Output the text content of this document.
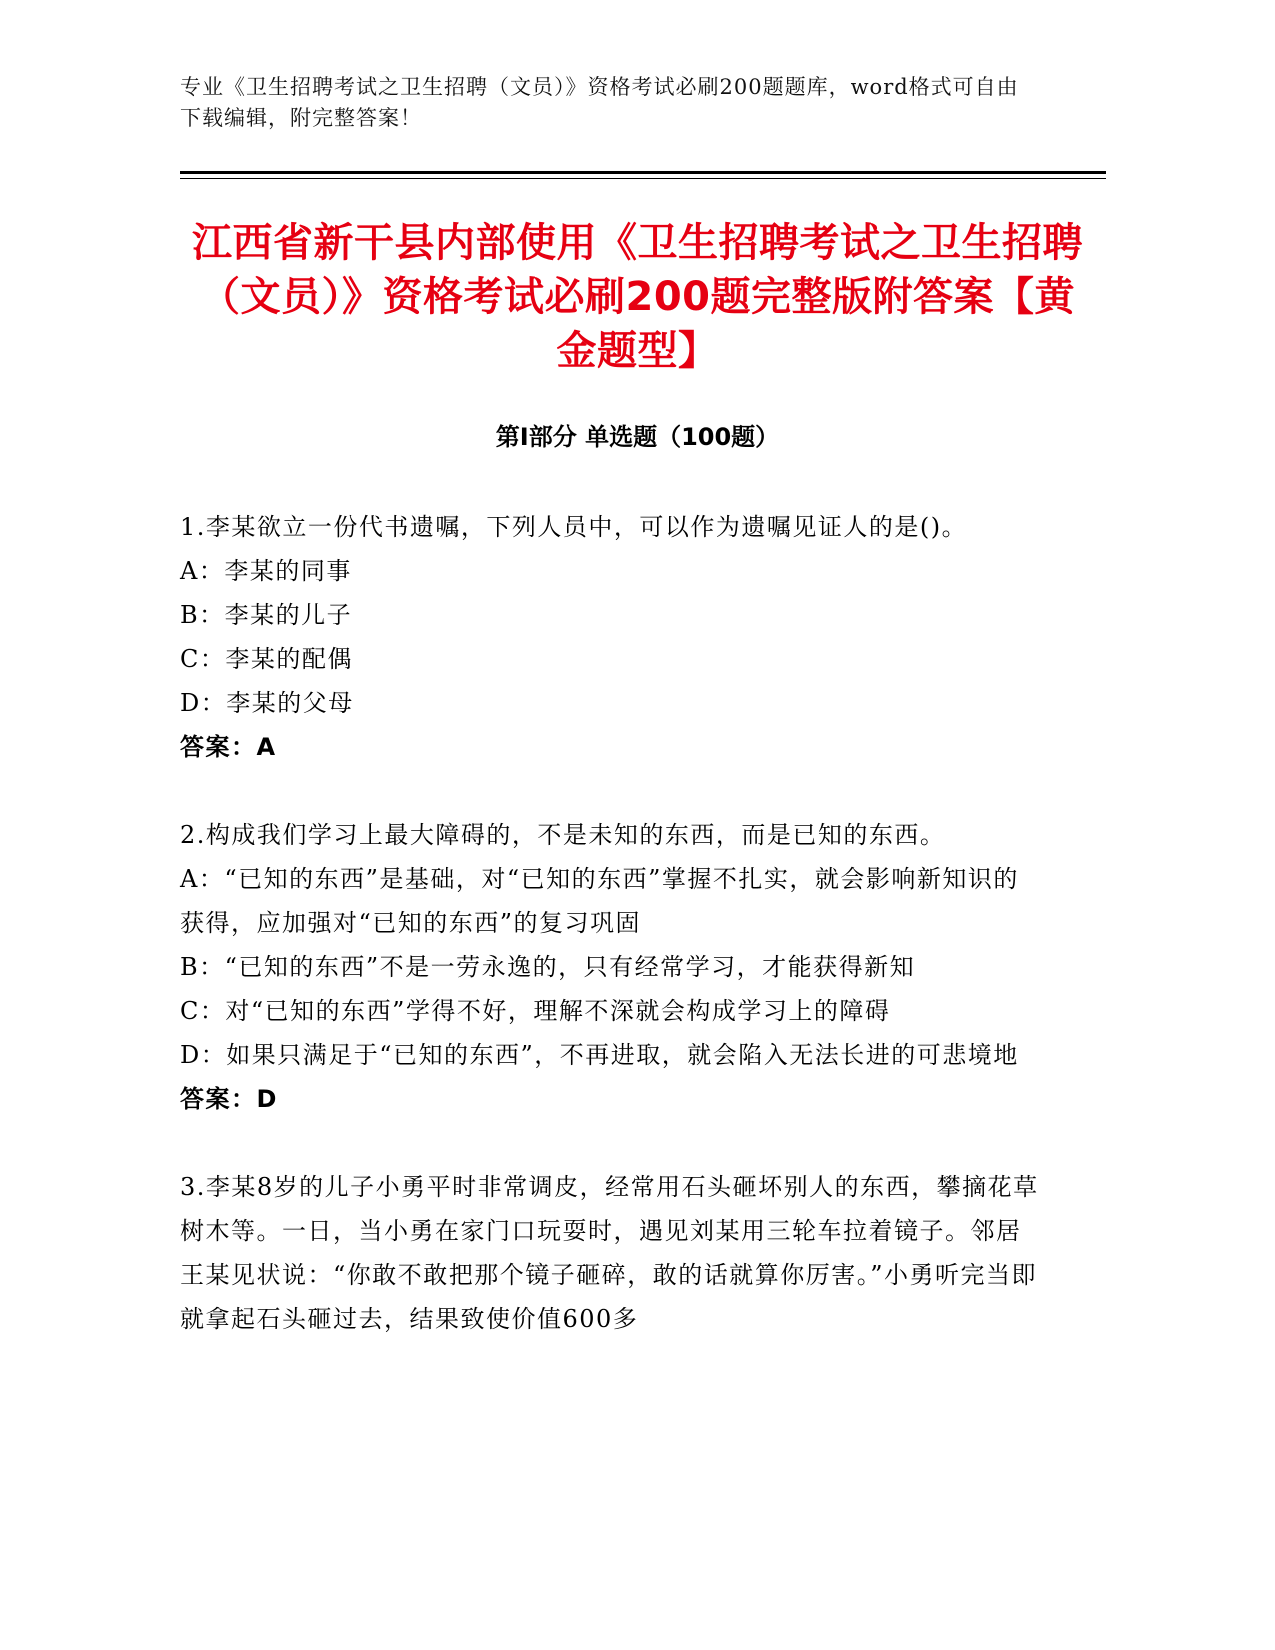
专业《卫生招聘考试之卫生招聘（文员）》资格考试必刷200题题库，word格式可自由下载编辑，附完整答案！
江西省新干县内部使用《卫生招聘考试之卫生招聘（文员）》资格考试必刷200题完整版附答案【黄金题型】
第Ⅰ部分 单选题（100题）

1.李某欲立一份代书遗嘱，下列人员中，可以作为遗嘱见证人的是()。

A：李某的同事

B：李某的儿子

C：李某的配偶

D：李某的父母

答案：A

2.构成我们学习上最大障碍的，不是未知的东西，而是已知的东西。

A：“已知的东西”是基础，对“已知的东西”掌握不扎实，就会影响新知识的获得，应加强对“已知的东西”的复习巩固

B：“已知的东西”不是一劳永逸的，只有经常学习，才能获得新知

C：对“已知的东西”学得不好，理解不深就会构成学习上的障碍

D：如果只满足于“已知的东西”，不再进取，就会陷入无法长进的可悲境地

答案：D

3.李某8岁的儿子小勇平时非常调皮，经常用石头砸坏别人的东西，攀摘花草树木等。一日，当小勇在家门口玩耍时，遇见刘某用三轮车拉着镜子。邻居王某见状说：“你敢不敢把那个镜子砸碎，敢的话就算你厉害。”小勇听完当即就拿起石头砸过去，结果致使价值600多
